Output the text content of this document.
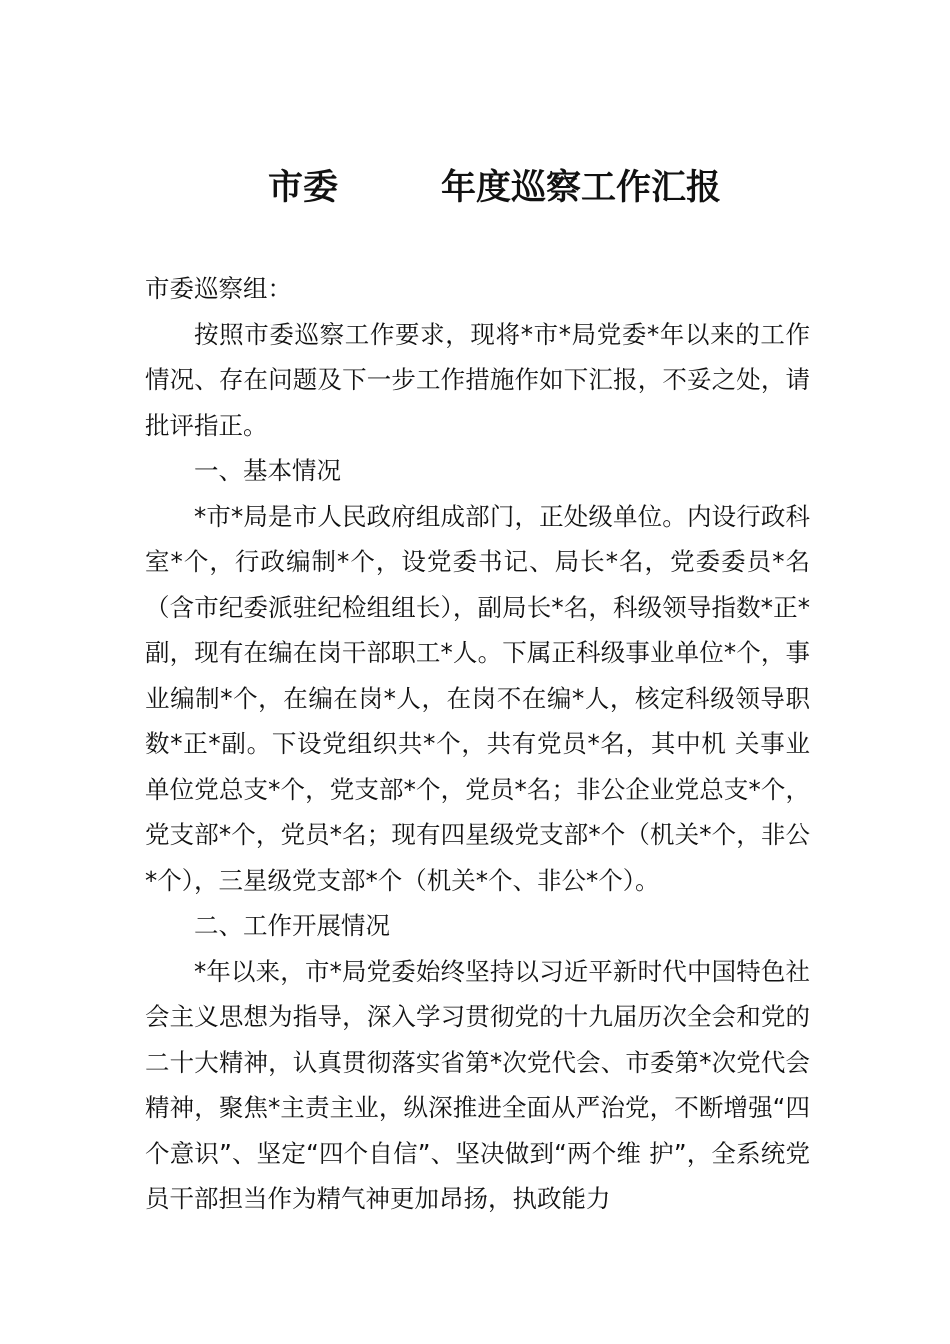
市委	年度巡察工作汇报

市委巡察组：

按照市委巡察工作要求，现将*市*局党委*年以来的工作情况、存在问题及下一步工作措施作如下汇报，不妥之处，请批评指正。

一、基本情况

*市*局是市人民政府组成部门，正处级单位。内设行政科室*个，行政编制*个，设党委书记、局长*名，党委委员*名（含市纪委派驻纪检组组长），副局长*名，科级领导指数*正*副，现有在编在岗干部职工*人。下属正科级事业单位*个，事业编制*个，在编在岗*人，在岗不在编*人，核定科级领导职数*正*副。下设党组织共*个，共有党员*名，其中机 关事业单位党总支*个，党支部*个，党员*名；非公企业党总支*个，党支部*个，党员*名；现有四星级党支部*个（机关*个，非公*个），三星级党支部*个（机关*个、非公*个）。

二、工作开展情况

*年以来，市*局党委始终坚持以习近平新时代中国特色社会主义思想为指导，深入学习贯彻党的十九届历次全会和党的二十大精神，认真贯彻落实省第*次党代会、市委第*次党代会精神，聚焦*主责主业，纵深推进全面从严治党，不断增强“四个意识”、坚定“四个自信”、坚决做到“两个维 护”，全系统党员干部担当作为精气神更加昂扬，执政能力
